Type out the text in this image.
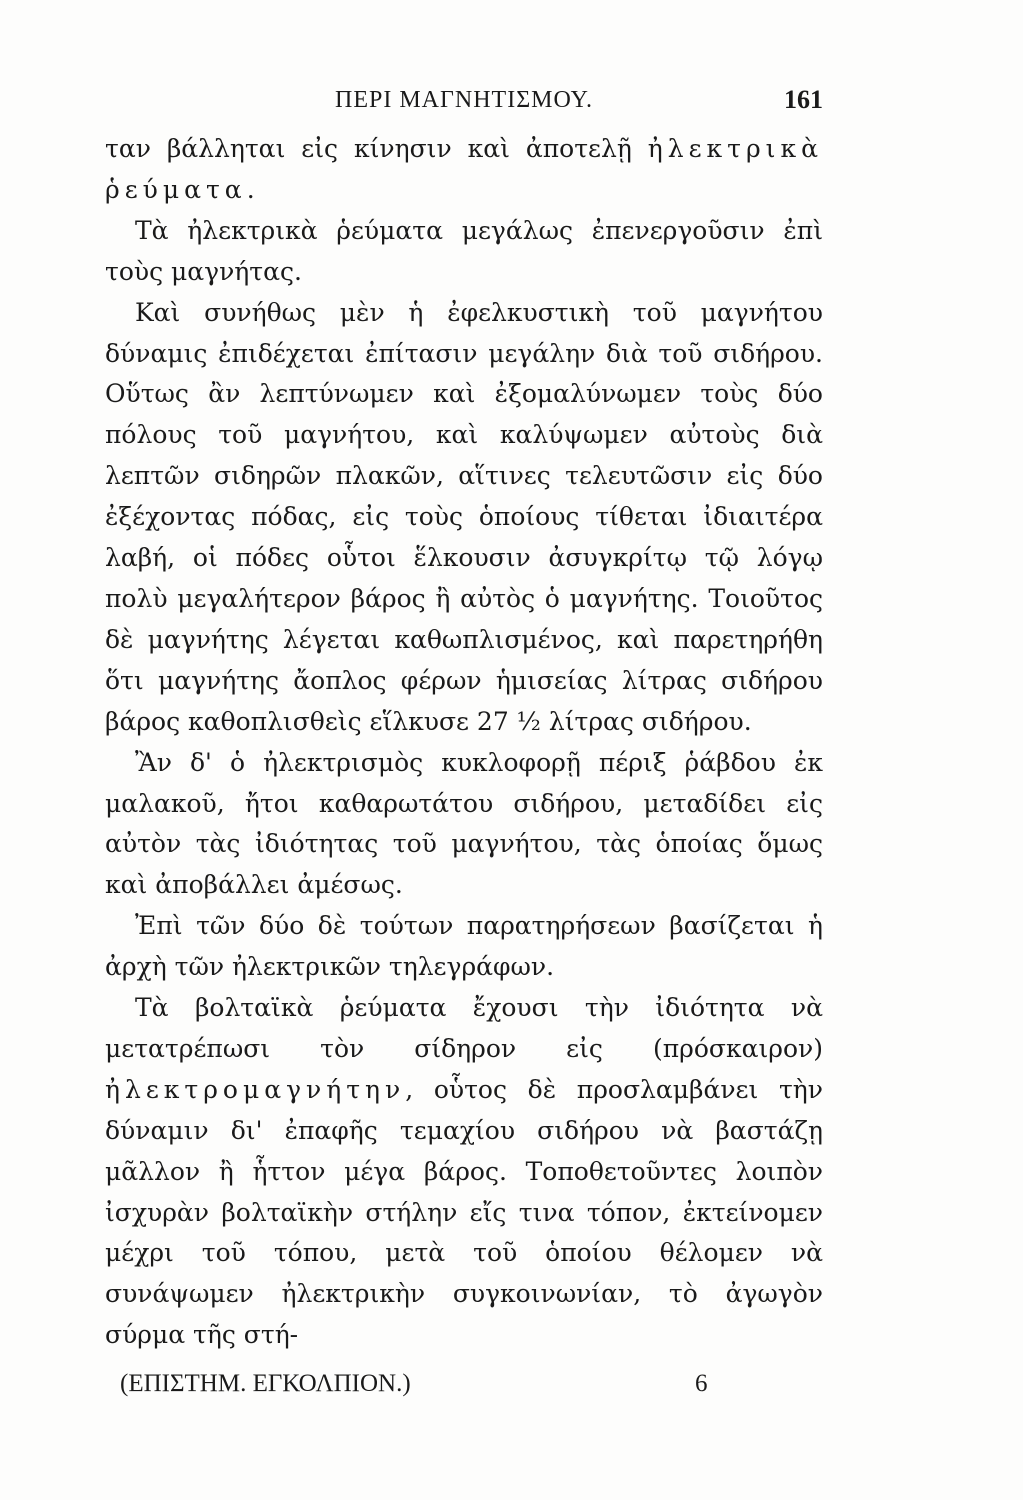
ΠΕΡΙ ΜΑΓΝΗΤΙΣΜΟΥ.	161

ταν βάλληται εἰς κίνησιν καὶ ἀποτελῇ ἠλεκτρικὰ ῥεύματα.

Τὰ ἠλεκτρικὰ ῥεύματα μεγάλως ἐπενεργοῦσιν ἐπὶ τοὺς μαγνήτας.

Καὶ συνήθως μὲν ἡ ἐφελκυστικὴ τοῦ μαγνήτου δύναμις ἐπιδέχεται ἐπίτασιν μεγάλην διὰ τοῦ σιδήρου. Οὕτως ἂν λεπτύνωμεν καὶ ἐξομαλύνωμεν τοὺς δύο πόλους τοῦ μαγνήτου, καὶ καλύψωμεν αὐτοὺς διὰ λεπτῶν σιδηρῶν πλακῶν, αἵτινες τελευτῶσιν εἰς δύο ἐξέχοντας πόδας, εἰς τοὺς ὁποίους τίθεται ἰδιαιτέρα λαβή, οἱ πόδες οὗτοι ἕλκουσιν ἀσυγκρίτῳ τῷ λόγῳ πολὺ μεγαλήτερον βάρος ἢ αὐτὸς ὁ μαγνήτης. Τοιοῦτος δὲ μαγνήτης λέγεται καθωπλισμένος, καὶ παρετηρήθη ὅτι μαγνήτης ἄοπλος φέρων ἡμισείας λίτρας σιδήρου βάρος καθοπλισθεὶς εἵλκυσε 27 ½ λίτρας σιδήρου.

Ἂν δ' ὁ ἠλεκτρισμὸς κυκλοφορῇ πέριξ ῥάβδου ἐκ μαλακοῦ, ἤτοι καθαρωτάτου σιδήρου, μεταδίδει εἰς αὐτὸν τὰς ἰδιότητας τοῦ μαγνήτου, τὰς ὁποίας ὅμως καὶ ἀποβάλλει ἀμέσως.

Ἐπὶ τῶν δύο δὲ τούτων παρατηρήσεων βασίζεται ἡ ἀρχὴ τῶν ἠλεκτρικῶν τηλεγράφων.

Τὰ βολταϊκὰ ῥεύματα ἔχουσι τὴν ἰδιότητα νὰ μετατρέπωσι τὸν σίδηρον εἰς (πρόσκαιρον) ἠλεκτρομαγνήτην, οὗτος δὲ προσλαμβάνει τὴν δύναμιν δι' ἐπαφῆς τεμαχίου σιδήρου νὰ βαστάζῃ μᾶλλον ἢ ἧττον μέγα βάρος. Τοποθετοῦντες λοιπὸν ἰσχυρὰν βολταϊκὴν στήλην εἴς τινα τόπον, ἐκτείνομεν μέχρι τοῦ τόπου, μετὰ τοῦ ὁποίου θέλομεν νὰ συνάψωμεν ἠλεκτρικὴν συγκοινωνίαν, τὸ ἀγωγὸν σύρμα τῆς στή-

(ΕΠΙΣΤΗΜ. ΕΓΚΟΛΠΙΟΝ.)	6
